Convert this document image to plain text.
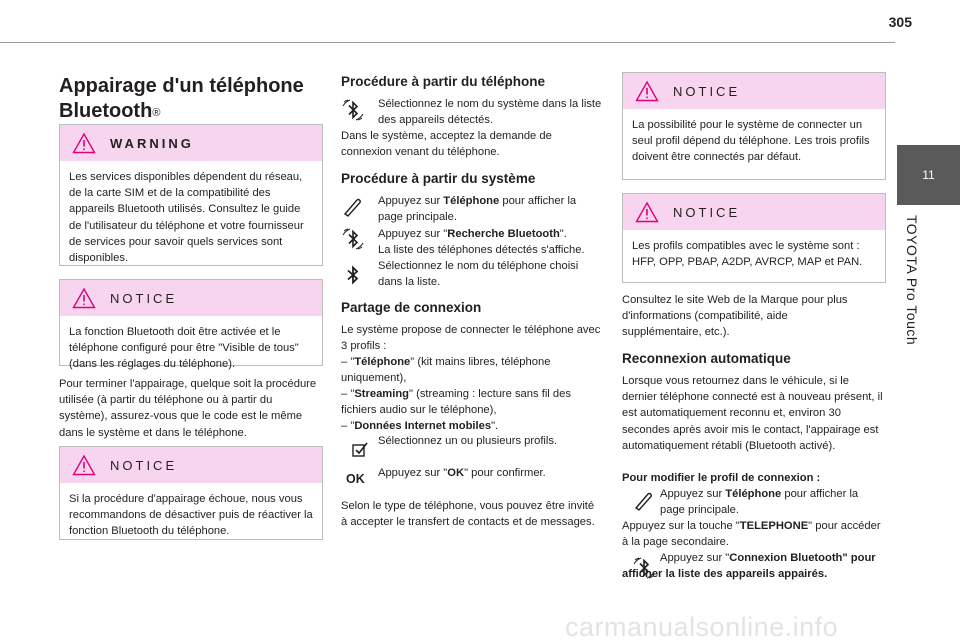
305
11
TOYOTA Pro Touch
Appairage d'un téléphone
Bluetooth®
WARNING
Les services disponibles dépendent du réseau, de la carte SIM et de la compatibilité des appareils Bluetooth utilisés. Consultez le guide de l'utilisateur du téléphone et votre fournisseur de services pour savoir quels services sont disponibles.
NOTICE
La fonction Bluetooth doit être activée et le téléphone configuré pour être "Visible de tous" (dans les réglages du téléphone).
Pour terminer l'appairage, quelque soit la procédure utilisée (à partir du téléphone ou à partir du système), assurez-vous que le code est le même dans le système et dans le téléphone.
NOTICE
Si la procédure d'appairage échoue, nous vous recommandons de désactiver puis de réactiver la fonction Bluetooth du téléphone.
Procédure à partir du téléphone
Sélectionnez le nom du système dans la liste des appareils détectés.
Dans le système, acceptez la demande de connexion venant du téléphone.
Procédure à partir du système
Appuyez sur Téléphone pour afficher la page principale.
Appuyez sur "Recherche Bluetooth".
La liste des téléphones détectés s'affiche.
Sélectionnez le nom du téléphone choisi dans la liste.
Partage de connexion
Le système propose de connecter le téléphone avec 3 profils :
– "Téléphone" (kit mains libres, téléphone uniquement),
– "Streaming" (streaming : lecture sans fil des fichiers audio sur le téléphone),
– "Données Internet mobiles".
Sélectionnez un ou plusieurs profils.
OK Appuyez sur "OK" pour confirmer.
Selon le type de téléphone, vous pouvez être invité à accepter le transfert de contacts et de messages.
NOTICE
La possibilité pour le système de connecter un seul profil dépend du téléphone. Les trois profils doivent être connectés par défaut.
NOTICE
Les profils compatibles avec le système sont : HFP, OPP, PBAP, A2DP, AVRCP, MAP et PAN.
Consultez le site Web de la Marque pour plus d'informations (compatibilité, aide supplémentaire, etc.).
Reconnexion automatique
Lorsque vous retournez dans le véhicule, si le dernier téléphone connecté est à nouveau présent, il est automatiquement reconnu et, environ 30 secondes après avoir mis le contact, l'appairage est automatiquement rétabli (Bluetooth activé).
Pour modifier le profil de connexion :
Appuyez sur Téléphone pour afficher la page principale.
Appuyez sur la touche "TELEPHONE" pour accéder à la page secondaire.
Appuyez sur "Connexion Bluetooth" pour afficher la liste des appareils appairés.
carmanualsonline.info
